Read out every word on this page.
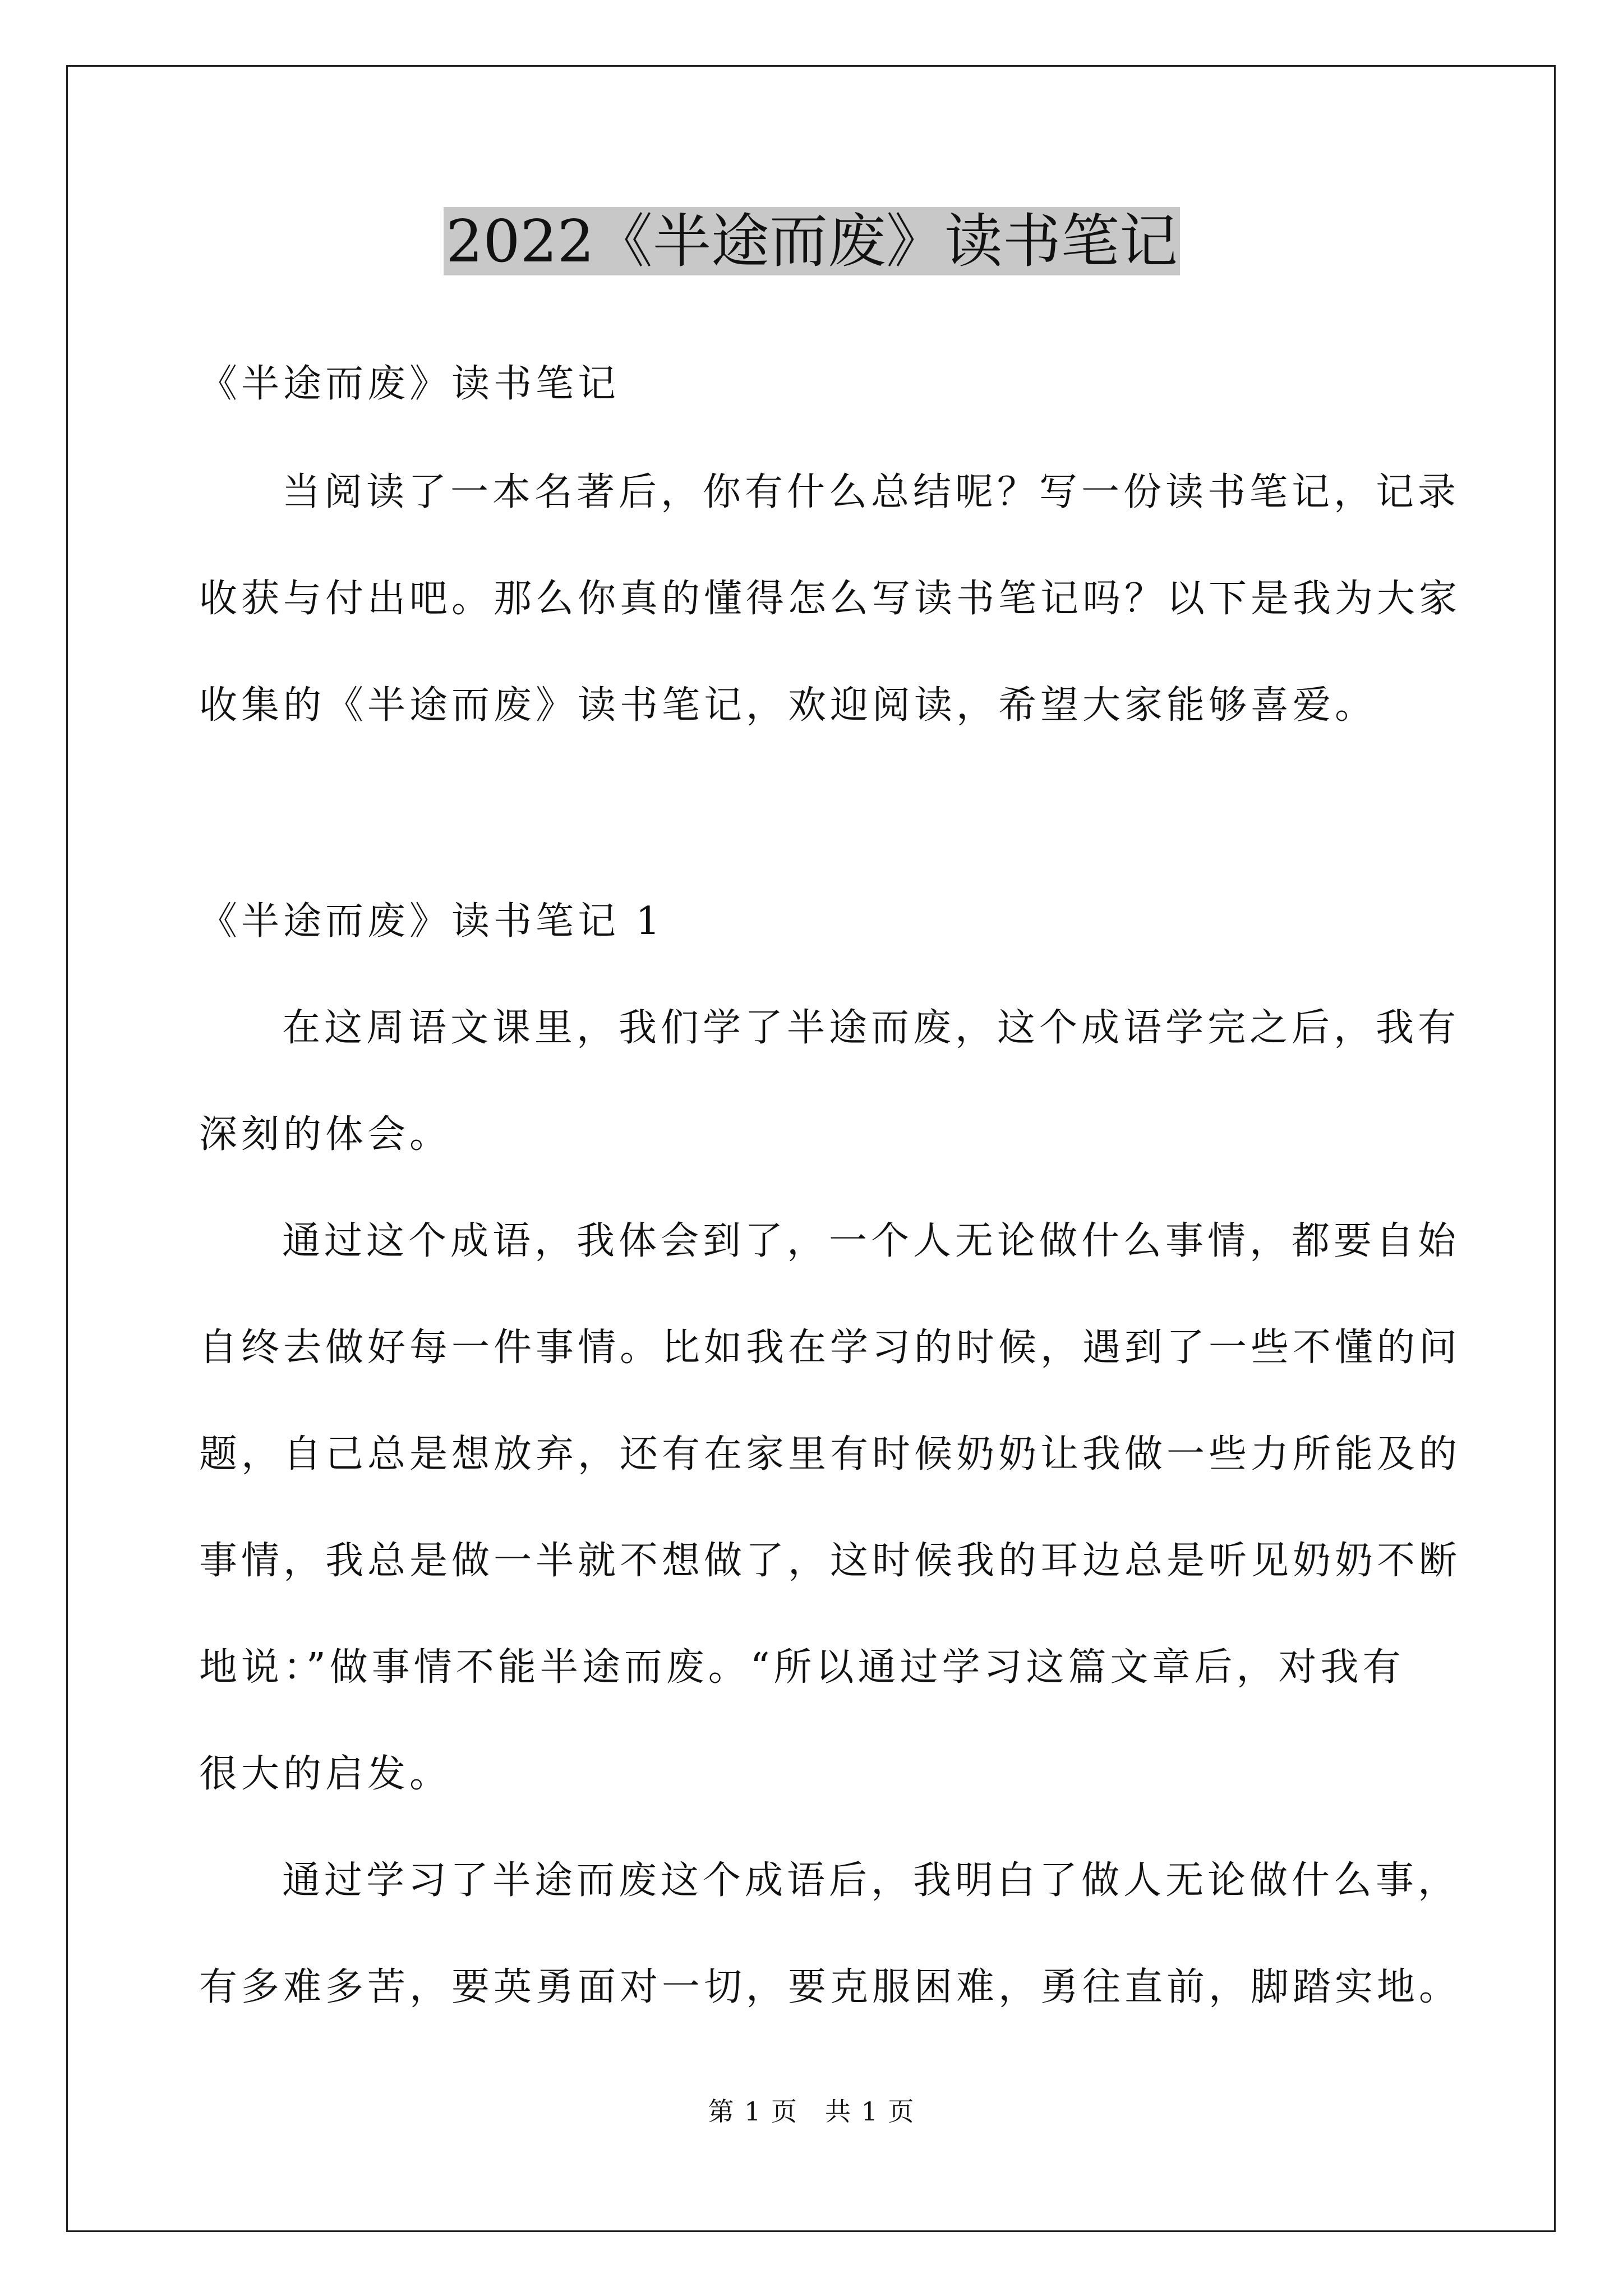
2022《半途而废》读书笔记
《半途而废》读书笔记
当阅读了一本名著后，你有什么总结呢？写一份读书笔记，记录
收获与付出吧。那么你真的懂得怎么写读书笔记吗？以下是我为大家
收集的《半途而废》读书笔记，欢迎阅读，希望大家能够喜爱。
《半途而废》读书笔记 1
在这周语文课里，我们学了半途而废，这个成语学完之后，我有
深刻的体会。
通过这个成语，我体会到了，一个人无论做什么事情，都要自始
自终去做好每一件事情。比如我在学习的时候，遇到了一些不懂的问
题，自己总是想放弃，还有在家里有时候奶奶让我做一些力所能及的
事情，我总是做一半就不想做了，这时候我的耳边总是听见奶奶不断
地说：”做事情不能半途而废。“所以通过学习这篇文章后，对我有
很大的启发。
通过学习了半途而废这个成语后，我明白了做人无论做什么事，
有多难多苦，要英勇面对一切，要克服困难，勇往直前，脚踏实地。
第 1 页　共 1 页
